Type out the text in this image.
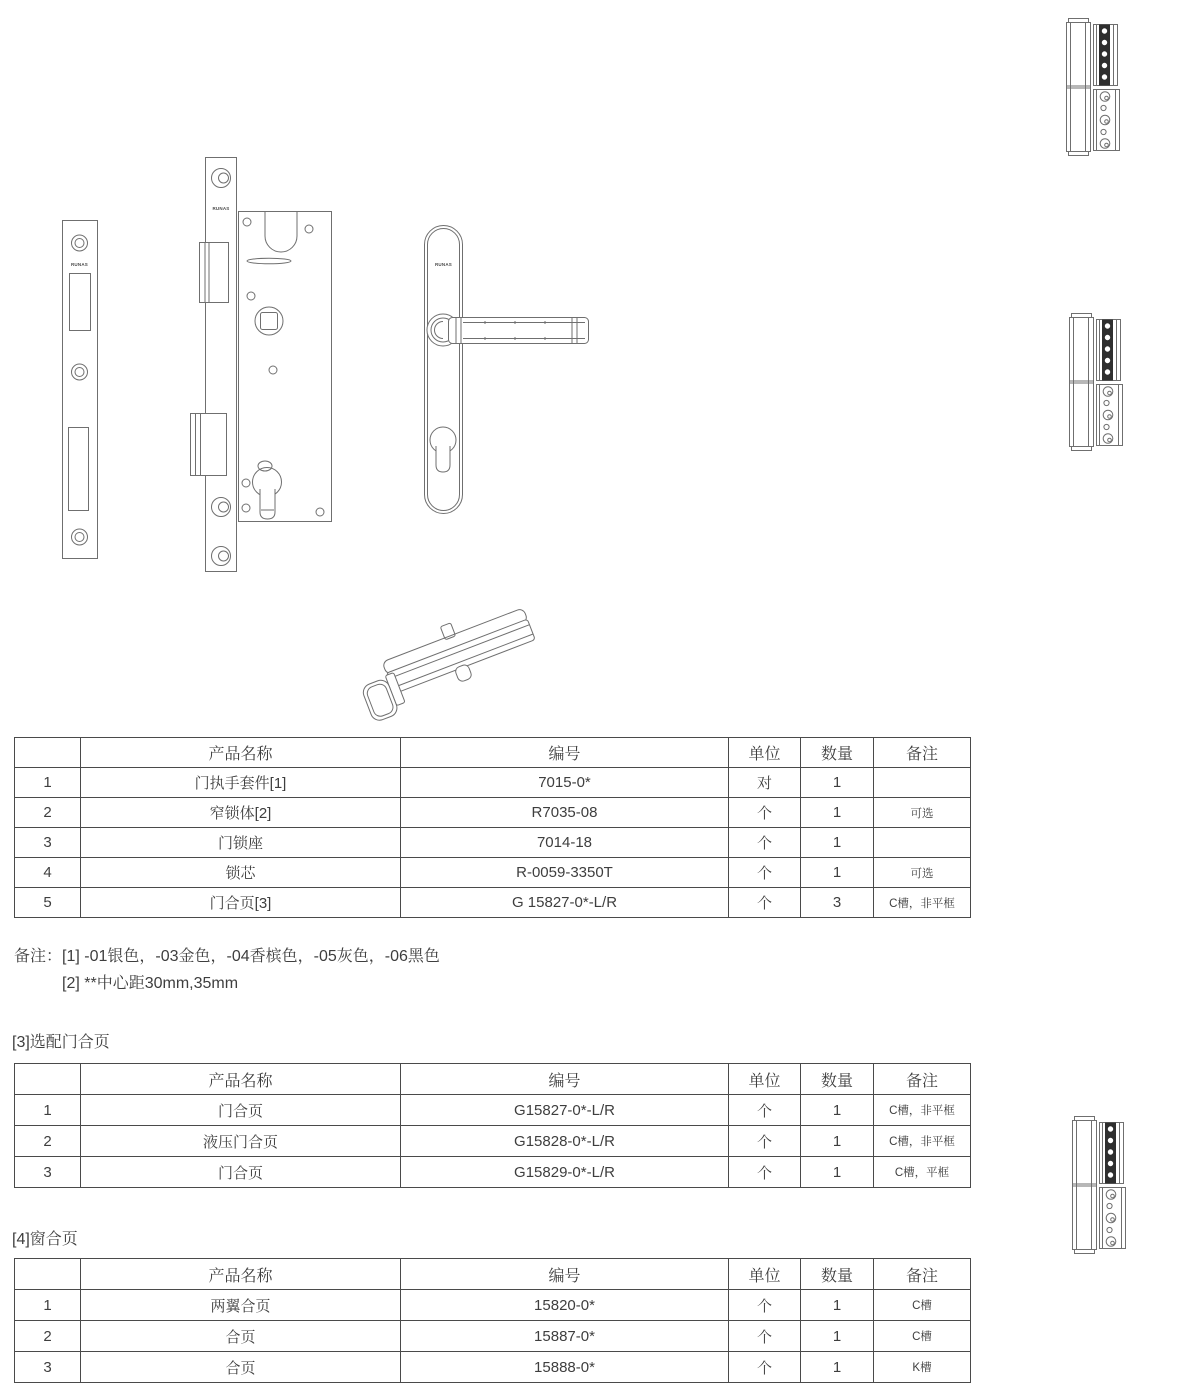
RUNAS
RUNAS
RUNAS
	产品名称	编号	单位	数量	备注
1	门执手套件[1]	7015-0*	对	1	
2	窄锁体[2]	R7035-08	个	1	可选
3	门锁座	7014-18	个	1	
4	锁芯	R-0059-3350T	个	1	可选
5	门合页[3]	G 15827-0*-L/R	个	3	C槽，非平框
备注： [1] -01银色，-03金色，-04香槟色，-05灰色，-06黑色
[2] **中心距30mm,35mm
[3]选配门合页
	产品名称	编号	单位	数量	备注
1	门合页	G15827-0*-L/R	个	1	C槽，非平框
2	液压门合页	G15828-0*-L/R	个	1	C槽，非平框
3	门合页	G15829-0*-L/R	个	1	C槽，平框
[4]窗合页
	产品名称	编号	单位	数量	备注
1	两翼合页	15820-0*	个	1	C槽
2	合页	15887-0*	个	1	C槽
3	合页	15888-0*	个	1	K槽
